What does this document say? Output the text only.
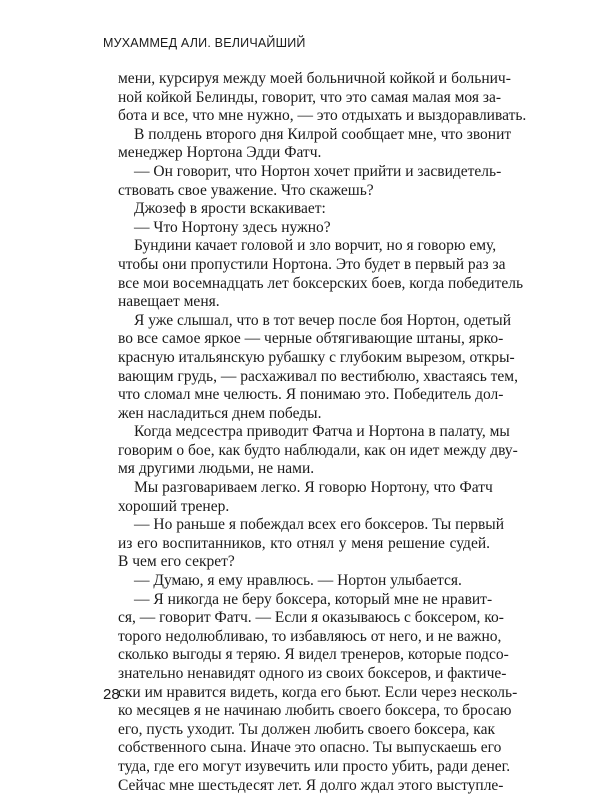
МУХАММЕД АЛИ. ВЕЛИЧАЙШИЙ
мени, курсируя между моей больничной койкой и больнич-
ной койкой Белинды, говорит, что это самая малая моя за-
бота и все, что мне нужно, — это отдыхать и выздоравливать.
В полдень второго дня Килрой сообщает мне, что звонит
менеджер Нортона Эдди Фатч.
— Он говорит, что Нортон хочет прийти и засвидетель-
ствовать свое уважение. Что скажешь?
Джозеф в ярости вскакивает:
— Что Нортону здесь нужно?
Бундини качает головой и зло ворчит, но я говорю ему,
чтобы они пропустили Нортона. Это будет в первый раз за
все мои восемнадцать лет боксерских боев, когда победитель
навещает меня.
Я уже слышал, что в тот вечер после боя Нортон, одетый
во все самое яркое — черные обтягивающие штаны, ярко-
красную итальянскую рубашку с глубоким вырезом, откры-
вающим грудь, — расхаживал по вестибюлю, хвастаясь тем,
что сломал мне челюсть. Я понимаю это. Победитель дол-
жен насладиться днем победы.
Когда медсестра приводит Фатча и Нортона в палату, мы
говорим о бое, как будто наблюдали, как он идет между дву-
мя другими людьми, не нами.
Мы разговариваем легко. Я говорю Нортону, что Фатч
хороший тренер.
— Но раньше я побеждал всех его боксеров. Ты первый
из его воспитанников, кто отнял у меня решение судей.
В чем его секрет?
— Думаю, я ему нравлюсь. — Нортон улыбается.
— Я никогда не беру боксера, который мне не нравит-
ся, — говорит Фатч. — Если я оказываюсь с боксером, ко-
торого недолюбливаю, то избавляюсь от него, и не важно,
сколько выгоды я теряю. Я видел тренеров, которые подсо-
знательно ненавидят одного из своих боксеров, и фактиче-
ски им нравится видеть, когда его бьют. Если через несколь-
ко месяцев я не начинаю любить своего боксера, то бросаю
его, пусть уходит. Ты должен любить своего боксера, как
собственного сына. Иначе это опасно. Ты выпускаешь его
туда, где его могут изувечить или просто убить, ради денег.
Сейчас мне шестьдесят лет. Я долго ждал этого выступле-
28
